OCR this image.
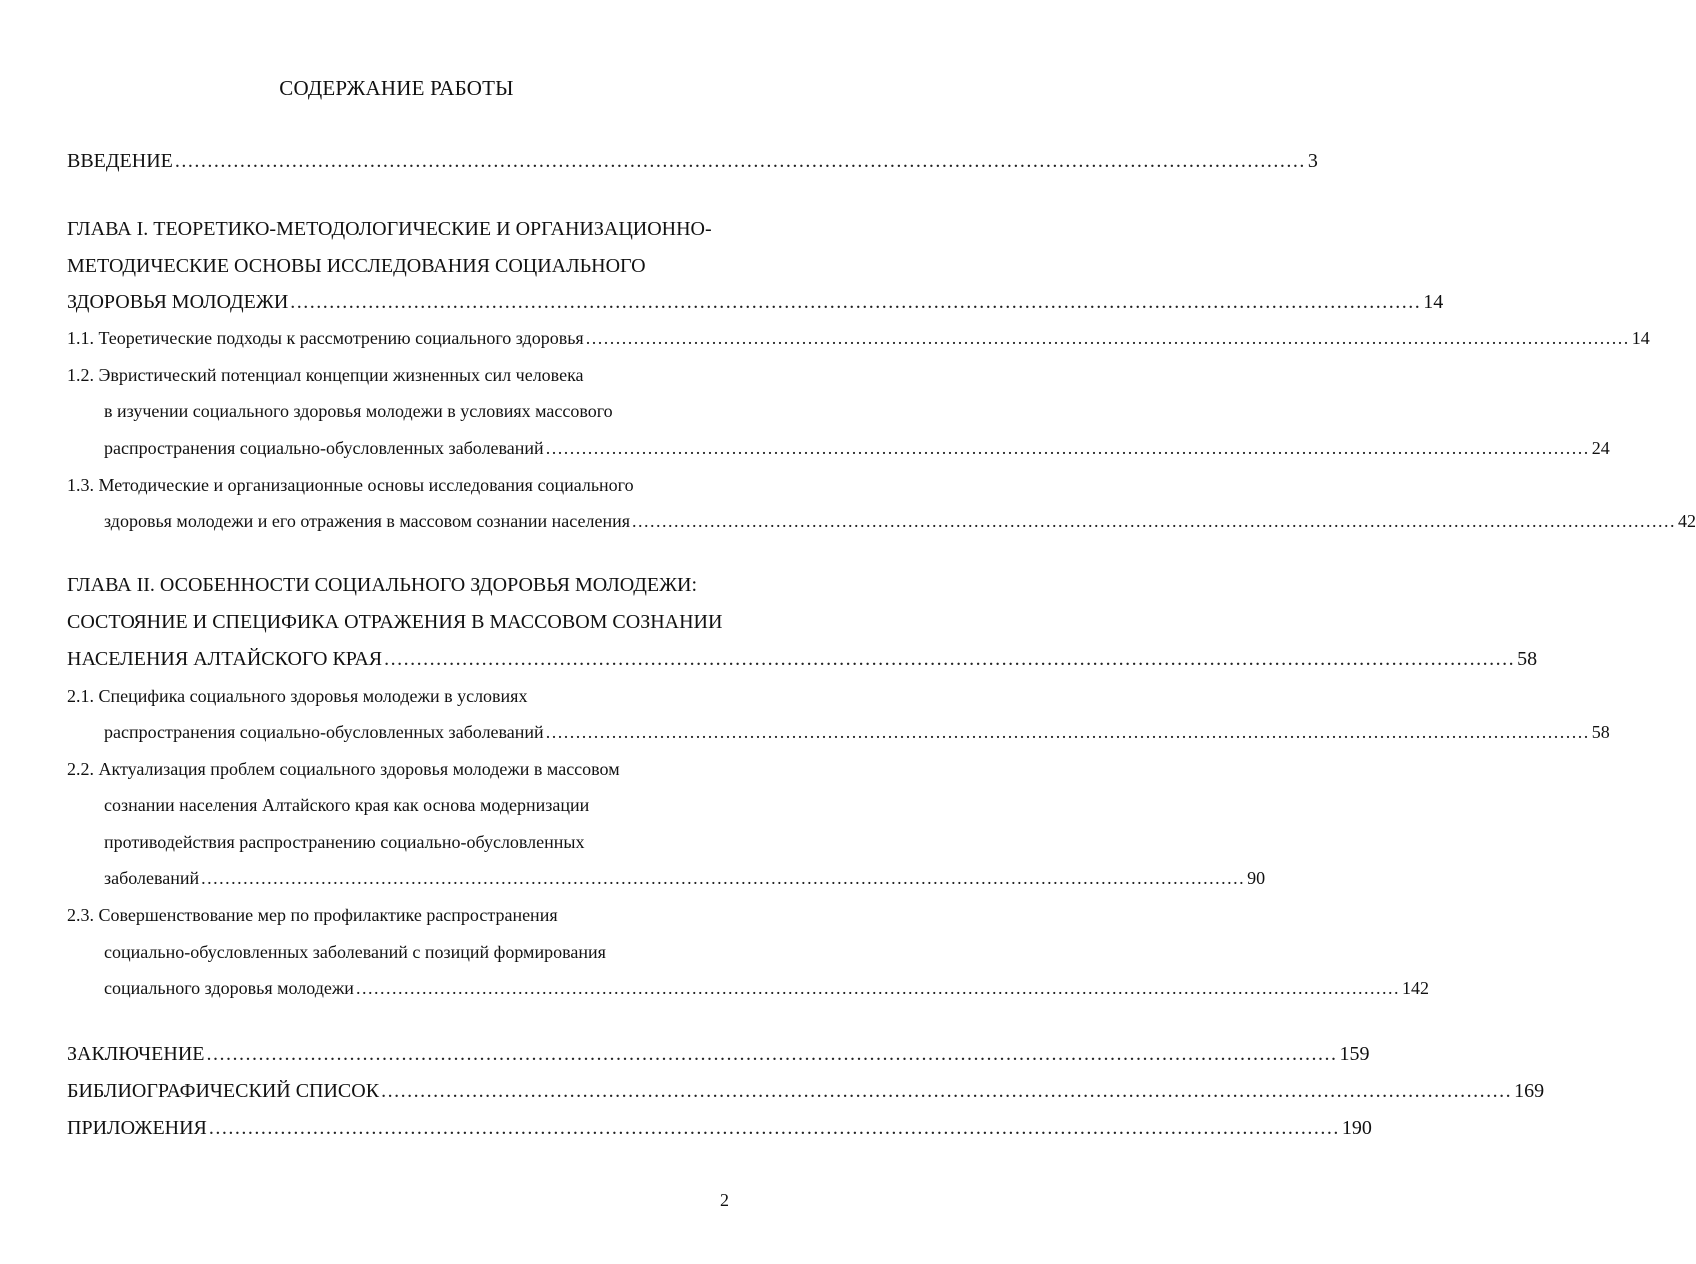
СОДЕРЖАНИЕ РАБОТЫ
ВВЕДЕНИЕ .............................................................................................................................................................................. 3
ГЛАВА I. ТЕОРЕТИКО-МЕТОДОЛОГИЧЕСКИЕ И ОРГАНИЗАЦИОННО-
МЕТОДИЧЕСКИЕ ОСНОВЫ ИССЛЕДОВАНИЯ СОЦИАЛЬНОГО
ЗДОРОВЬЯ МОЛОДЕЖИ .............................................................................................................................................................................. 14
1.1. Теоретические подходы к рассмотрению социального здоровья .............................................................................................................................................................................. 14
1.2. Эвристический потенциал концепции жизненных сил человека
в изучении социального здоровья молодежи в условиях массового
распространения социально-обусловленных заболеваний .............................................................................................................................................................................. 24
1.3. Методические и организационные основы исследования социального
здоровья молодежи и его отражения в массовом сознании населения .............................................................................................................................................................................. 42
ГЛАВА II. ОСОБЕННОСТИ СОЦИАЛЬНОГО ЗДОРОВЬЯ МОЛОДЕЖИ:
СОСТОЯНИЕ И СПЕЦИФИКА ОТРАЖЕНИЯ В МАССОВОМ СОЗНАНИИ
НАСЕЛЕНИЯ АЛТАЙСКОГО КРАЯ .............................................................................................................................................................................. 58
2.1. Специфика социального здоровья молодежи в условиях
распространения социально-обусловленных заболеваний .............................................................................................................................................................................. 58
2.2. Актуализация проблем социального здоровья молодежи в массовом
сознании населения Алтайского края как основа модернизации
противодействия распространению социально-обусловленных
заболеваний .............................................................................................................................................................................. 90
2.3. Совершенствование мер по профилактике распространения
социально-обусловленных заболеваний с позиций формирования
социального здоровья молодежи .............................................................................................................................................................................. 142
ЗАКЛЮЧЕНИЕ .............................................................................................................................................................................. 159
БИБЛИОГРАФИЧЕСКИЙ СПИСОК .............................................................................................................................................................................. 169
ПРИЛОЖЕНИЯ .............................................................................................................................................................................. 190
2
